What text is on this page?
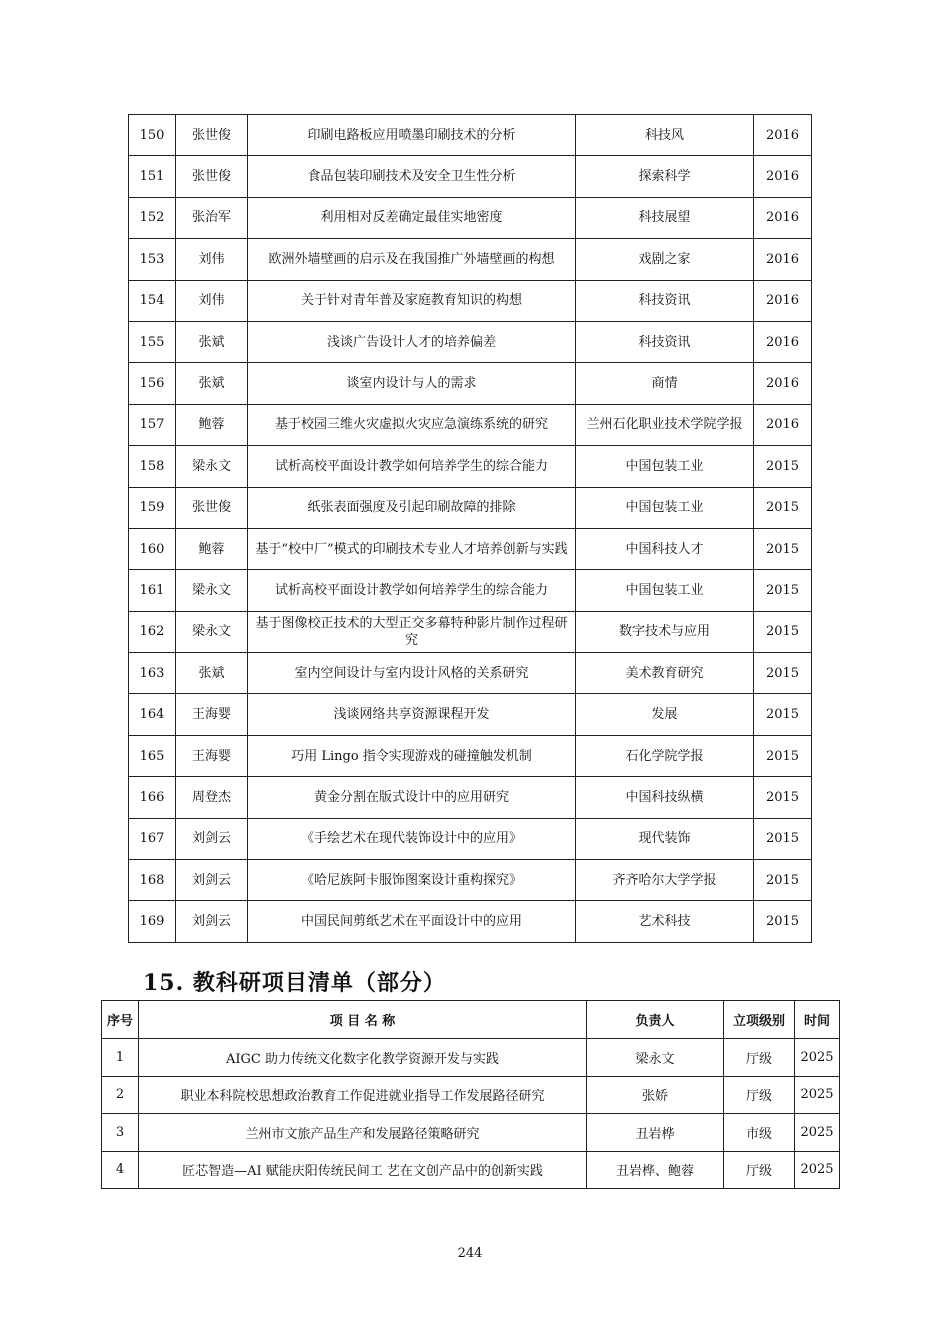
150	张世俊	印刷电路板应用喷墨印刷技术的分析	科技风	2016
151	张世俊	食品包装印刷技术及安全卫生性分析	探索科学	2016
152	张治军	利用相对反差确定最佳实地密度	科技展望	2016
153	刘伟	欧洲外墙壁画的启示及在我国推广外墙壁画的构想	戏剧之家	2016
154	刘伟	关于针对青年普及家庭教育知识的构想	科技资讯	2016
155	张斌	浅谈广告设计人才的培养偏差	科技资讯	2016
156	张斌	谈室内设计与人的需求	商情	2016
157	鲍蓉	基于校园三维火灾虚拟火灾应急演练系统的研究	兰州石化职业技术学院学报	2016
158	梁永文	试析高校平面设计教学如何培养学生的综合能力	中国包装工业	2015
159	张世俊	纸张表面强度及引起印刷故障的排除	中国包装工业	2015
160	鲍蓉	基于“校中厂”模式的印刷技术专业人才培养创新与实践	中国科技人才	2015
161	梁永文	试析高校平面设计教学如何培养学生的综合能力	中国包装工业	2015
162	梁永文	基于图像校正技术的大型正交多幕特种影片制作过程研究	数字技术与应用	2015
163	张斌	室内空间设计与室内设计风格的关系研究	美术教育研究	2015
164	王海婴	浅谈网络共享资源课程开发	发展	2015
165	王海婴	巧用 Lingo 指令实现游戏的碰撞触发机制	石化学院学报	2015
166	周登杰	黄金分割在版式设计中的应用研究	中国科技纵横	2015
167	刘剑云	《手绘艺术在现代装饰设计中的应用》	现代装饰	2015
168	刘剑云	《哈尼族阿卡服饰图案设计重构探究》	齐齐哈尔大学学报	2015
169	刘剑云	中国民间剪纸艺术在平面设计中的应用	艺术科技	2015
15. 教科研项目清单（部分）
序号	项 目 名 称	负责人	立项级别	时间
1	AIGC 助力传统文化数字化教学资源开发与实践	梁永文	厅级	2025
2	职业本科院校思想政治教育工作促进就业指导工作发展路径研究	张娇	厅级	2025
3	兰州市文旅产品生产和发展路径策略研究	丑岩桦	市级	2025
4	匠芯智造—AI 赋能庆阳传统民间工 艺在文创产品中的创新实践	丑岩桦、鲍蓉	厅级	2025

244
